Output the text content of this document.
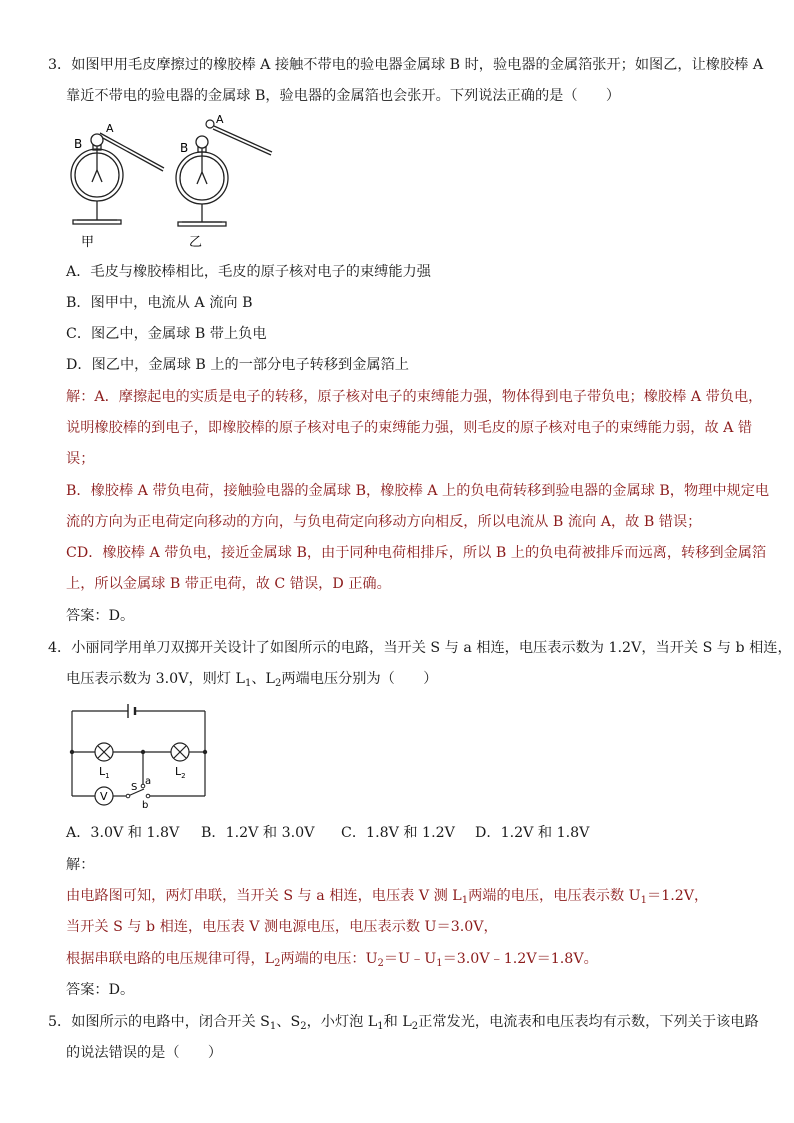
3．如图甲用毛皮摩擦过的橡胶棒 A 接触不带电的验电器金属球 B 时，验电器的金属箔张开；如图乙，让橡胶棒 A
靠近不带电的验电器的金属球 B，验电器的金属箔也会张开。下列说法正确的是（　　）
A
B
A
B
甲	乙
A．毛皮与橡胶棒相比，毛皮的原子核对电子的束缚能力强
B．图甲中，电流从 A 流向 B
C．图乙中，金属球 B 带上负电
D．图乙中，金属球 B 上的一部分电子转移到金属箔上
解：A．摩擦起电的实质是电子的转移，原子核对电子的束缚能力强，物体得到电子带负电；橡胶棒 A 带负电，
说明橡胶棒的到电子，即橡胶棒的原子核对电子的束缚能力强，则毛皮的原子核对电子的束缚能力弱，故 A 错
误；
B．橡胶棒 A 带负电荷，接触验电器的金属球 B，橡胶棒 A 上的负电荷转移到验电器的金属球 B，物理中规定电
流的方向为正电荷定向移动的方向，与负电荷定向移动方向相反，所以电流从 B 流向 A，故 B 错误；
CD．橡胶棒 A 带负电，接近金属球 B，由于同种电荷相排斥，所以 B 上的负电荷被排斥而远离，转移到金属箔
上，所以金属球 B 带正电荷，故 C 错误，D 正确。
答案：D。
4．小丽同学用单刀双掷开关设计了如图所示的电路，当开关 S 与 a 相连，电压表示数为 1.2V，当开关 S 与 b 相连，
电压表示数为 3.0V，则灯 $L_1$、$L_2$两端电压分别为（　　）
$L_1$	$L_2$
V
S
a
b
A．3.0V 和 1.8V B．1.2V 和 3.0V C．1.8V 和 1.2V D．1.2V 和 1.8V
解：
由电路图可知，两灯串联，当开关 S 与 a 相连，电压表 V 测 $L_1$两端的电压，电压表示数 $U_1=1.2V$，
当开关 S 与 b 相连，电压表 V 测电源电压，电压表示数 U＝3.0V，
根据串联电路的电压规律可得，$L_2$两端的电压：$U_2=U﹣U_1=3.0V﹣1.2V=1.8V$。
答案：D。
5．如图所示的电路中，闭合开关 $S_1$、$S_2$，小灯泡 $L_1$和 $L_2$正常发光，电流表和电压表均有示数，下列关于该电路
的说法错误的是（　　）
